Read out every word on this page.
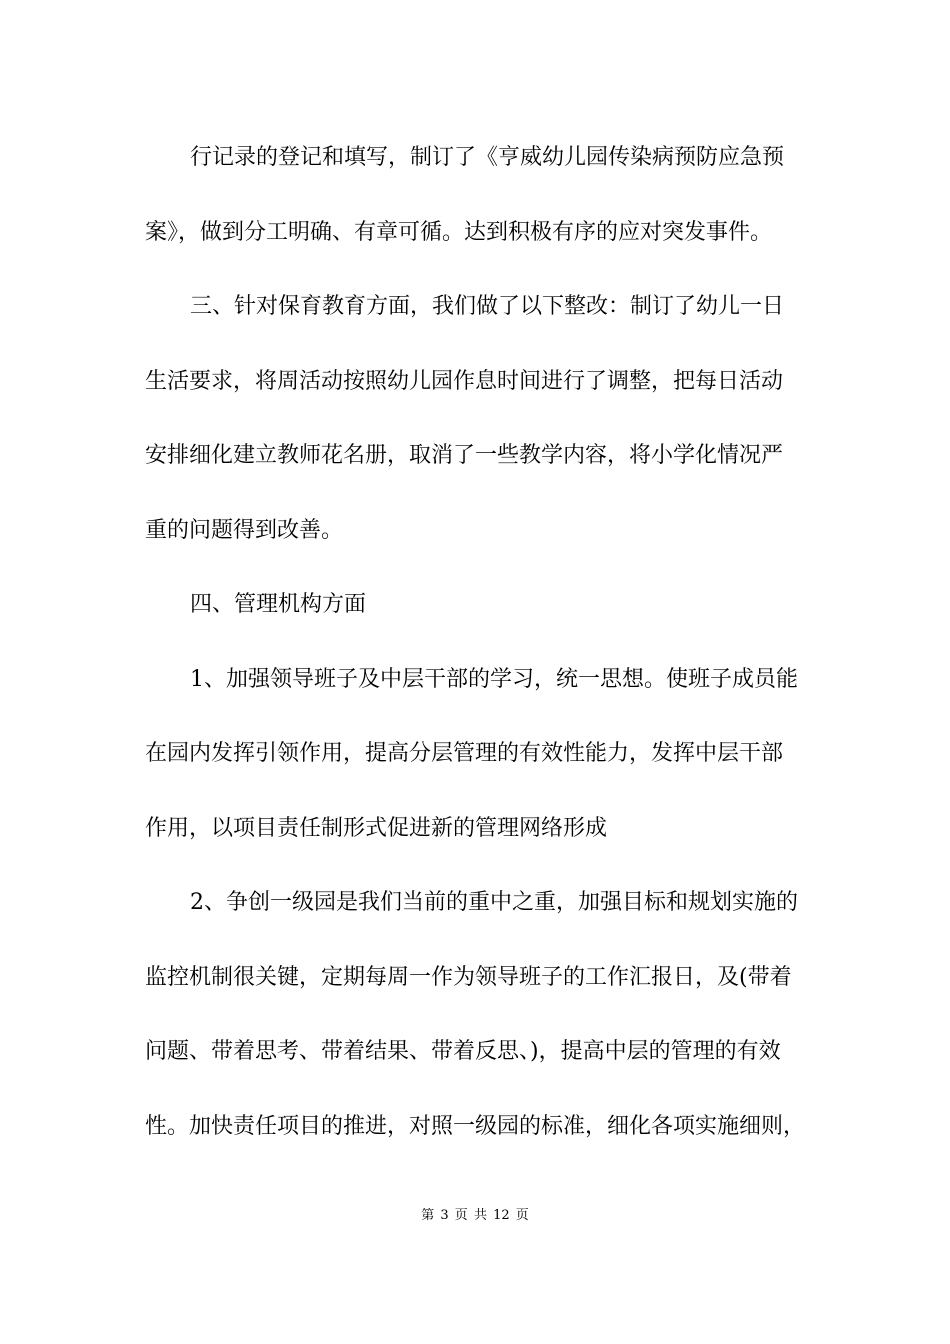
行记录的登记和填写，制订了《亨威幼儿园传染病预防应急预
案》，做到分工明确、有章可循。达到积极有序的应对突发事件。
三、针对保育教育方面，我们做了以下整改：制订了幼儿一日
生活要求，将周活动按照幼儿园作息时间进行了调整，把每日活动
安排细化建立教师花名册，取消了一些教学内容，将小学化情况严
重的问题得到改善。
四、管理机构方面
1、加强领导班子及中层干部的学习，统一思想。使班子成员能
在园内发挥引领作用，提高分层管理的有效性能力，发挥中层干部
作用，以项目责任制形式促进新的管理网络形成
2、争创一级园是我们当前的重中之重，加强目标和规划实施的
监控机制很关键，定期每周一作为领导班子的工作汇报日，及(带着
问题、带着思考、带着结果、带着反思、)，提高中层的管理的有效
性。加快责任项目的推进，对照一级园的标准，细化各项实施细则，
第 3 页 共 12 页
